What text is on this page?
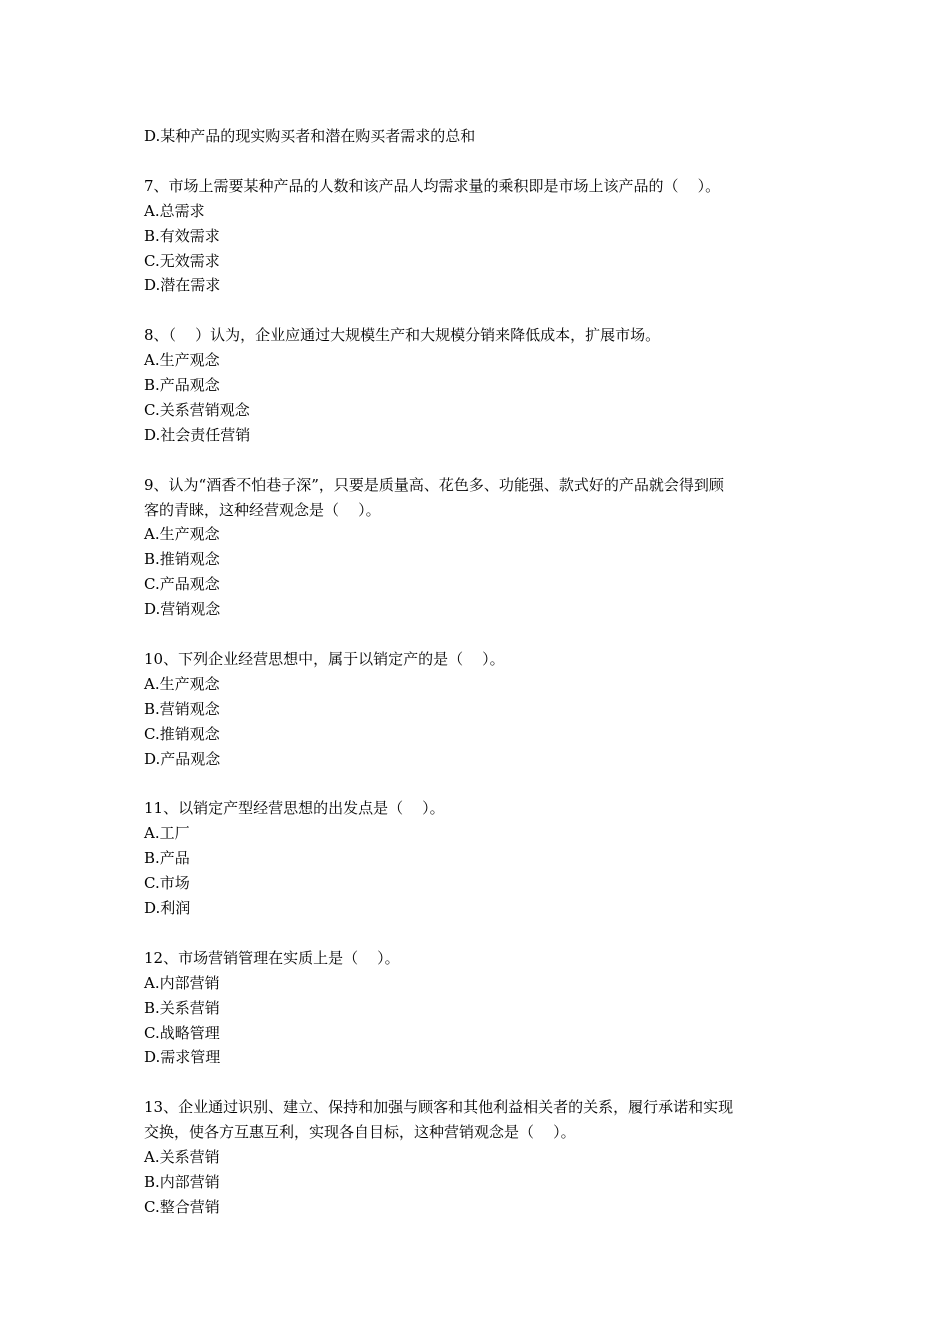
D.某种产品的现实购买者和潜在购买者需求的总和

7、市场上需要某种产品的人数和该产品人均需求量的乘积即是市场上该产品的（    ）。

A.总需求

B.有效需求

C.无效需求

D.潜在需求

8、（    ）认为，企业应通过大规模生产和大规模分销来降低成本，扩展市场。

A.生产观念

B.产品观念

C.关系营销观念

D.社会责任营销

9、认为“酒香不怕巷子深”，只要是质量高、花色多、功能强、款式好的产品就会得到顾

客的青睐，这种经营观念是（    ）。

A.生产观念

B.推销观念

C.产品观念

D.营销观念

10、下列企业经营思想中，属于以销定产的是（    ）。

A.生产观念

B.营销观念

C.推销观念

D.产品观念

11、以销定产型经营思想的出发点是（    ）。

A.工厂

B.产品

C.市场

D.利润

12、市场营销管理在实质上是（    ）。

A.内部营销

B.关系营销

C.战略管理

D.需求管理

13、企业通过识别、建立、保持和加强与顾客和其他利益相关者的关系，履行承诺和实现

交换，使各方互惠互利，实现各自目标，这种营销观念是（    ）。

A.关系营销

B.内部营销

C.整合营销
